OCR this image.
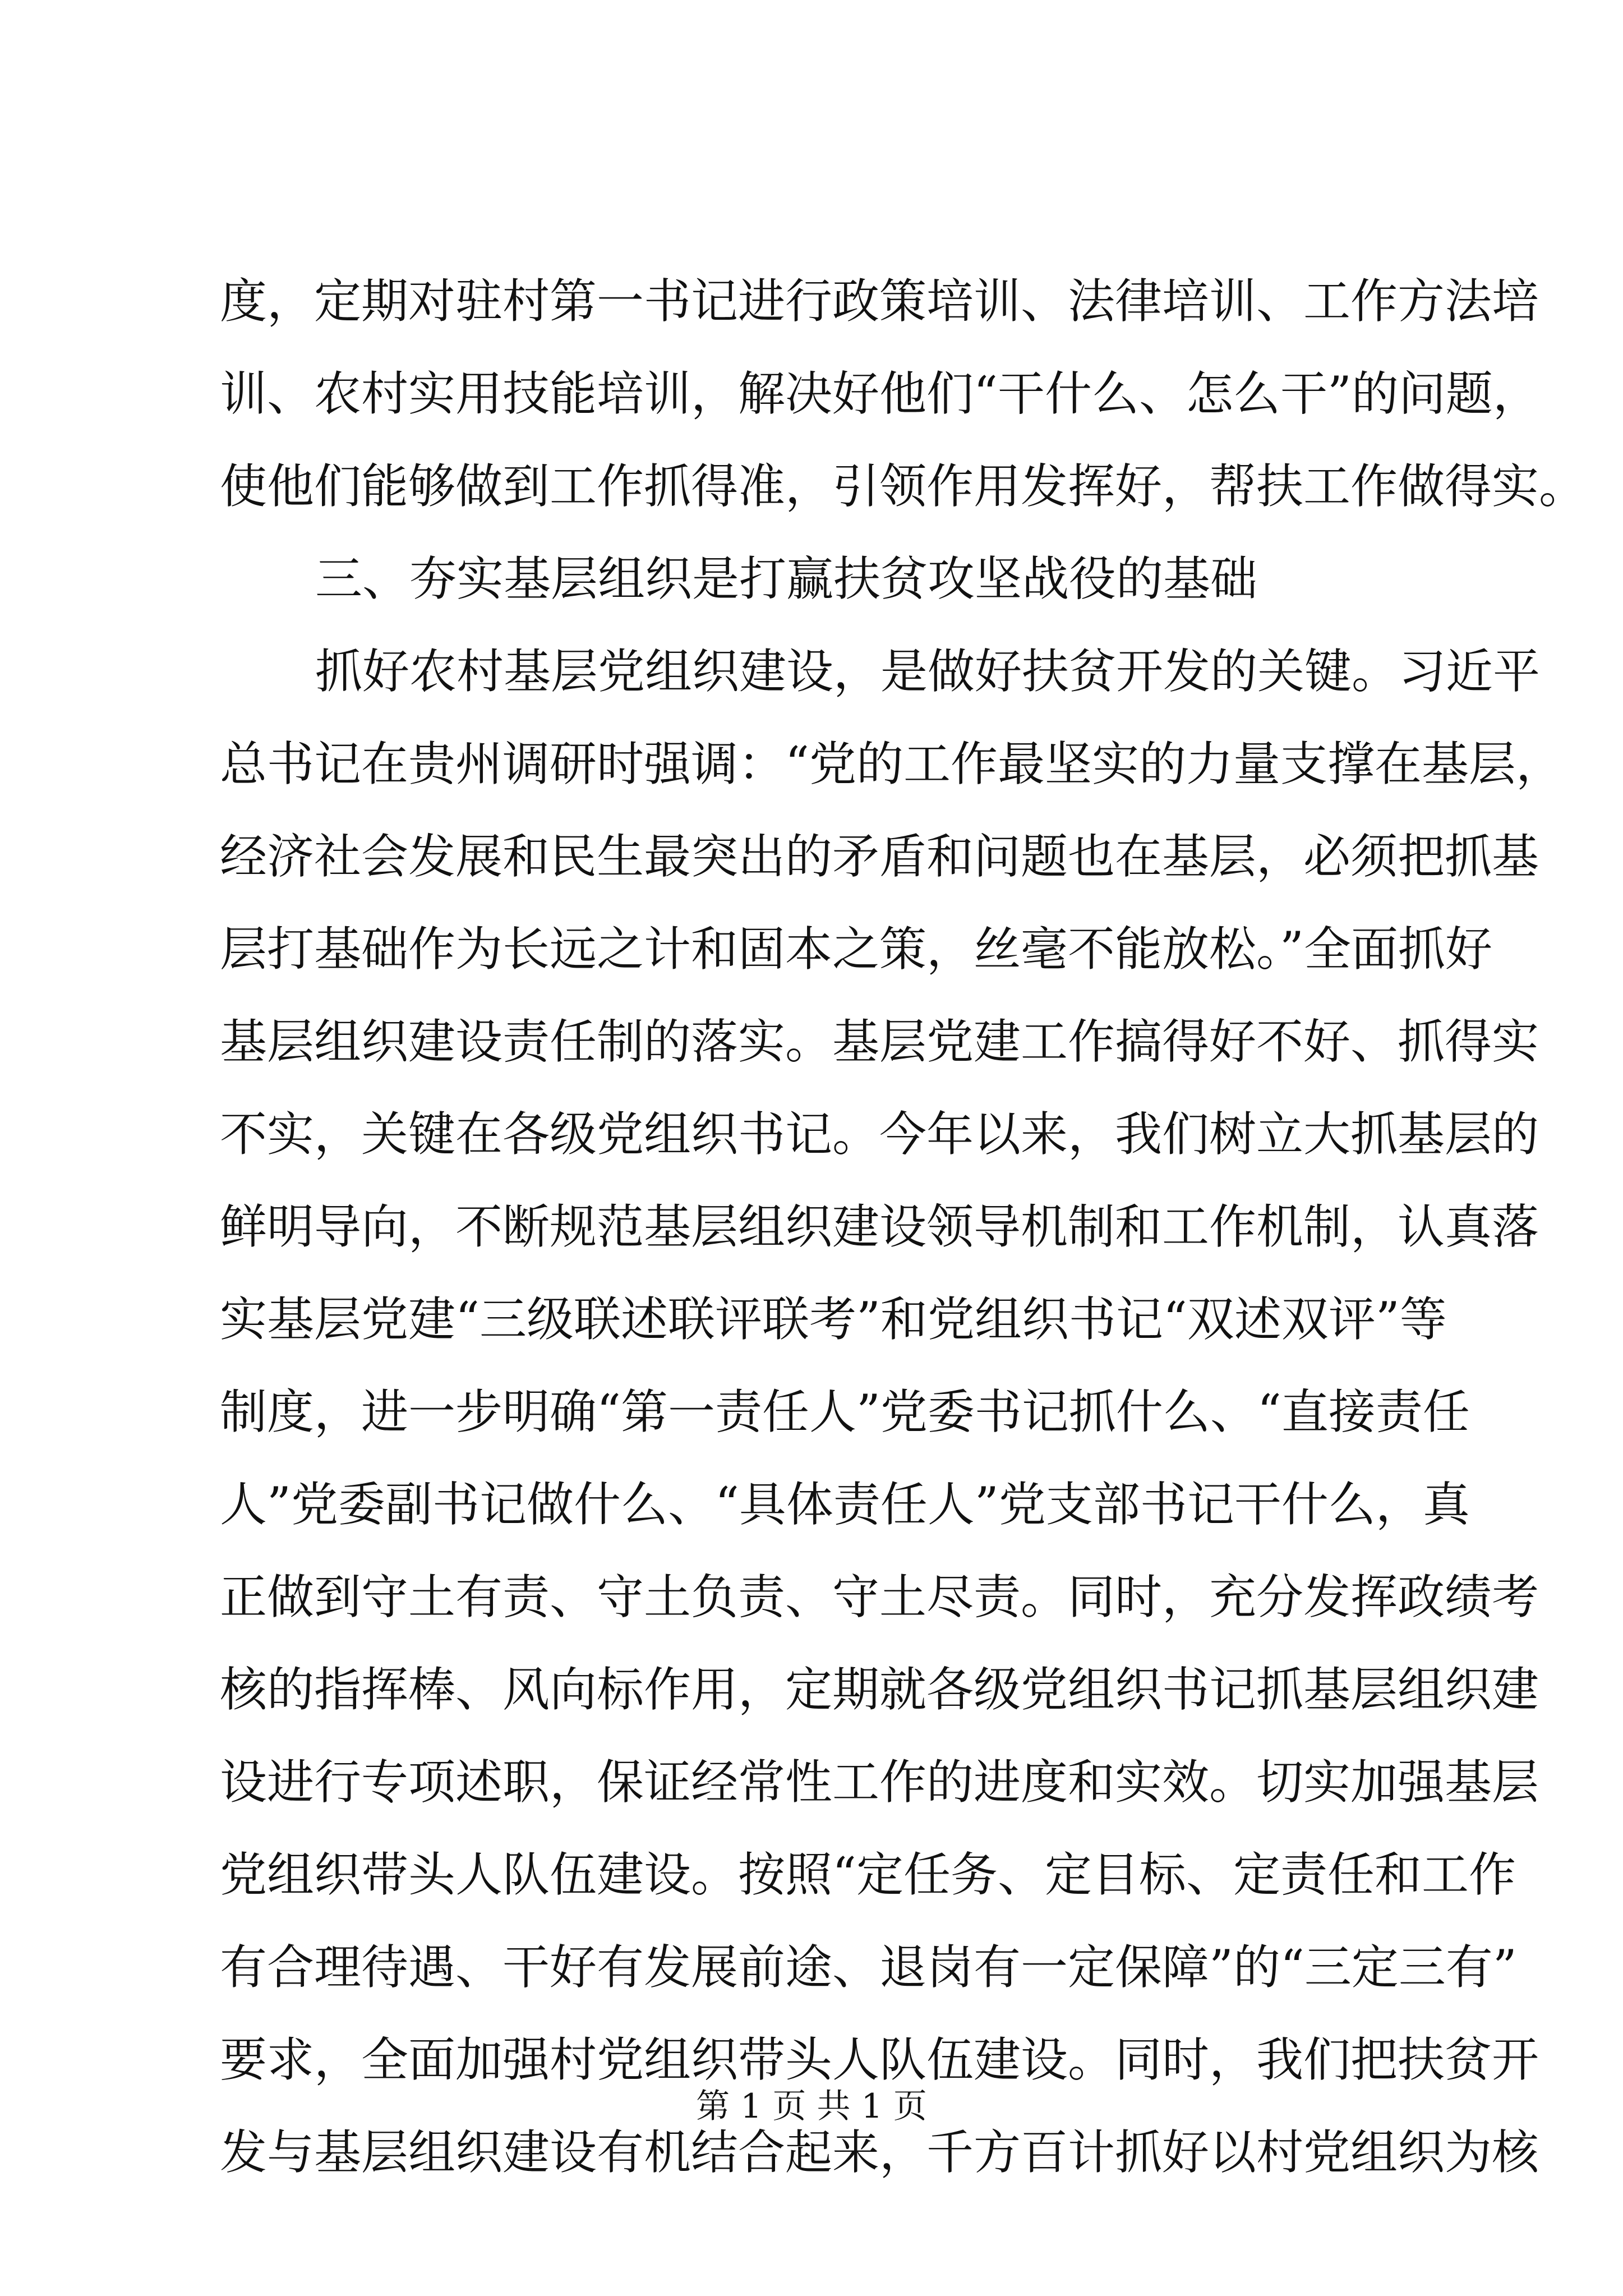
度，定期对驻村第一书记进行政策培训、法律培训、工作方法培
训、农村实用技能培训，解决好他们“干什么、怎么干”的问题，
使他们能够做到工作抓得准，引领作用发挥好，帮扶工作做得实。
三、夯实基层组织是打赢扶贫攻坚战役的基础
抓好农村基层党组织建设，是做好扶贫开发的关键。习近平
总书记在贵州调研时强调：“党的工作最坚实的力量支撑在基层，
经济社会发展和民生最突出的矛盾和问题也在基层，必须把抓基
层打基础作为长远之计和固本之策，丝毫不能放松。”全面抓好
基层组织建设责任制的落实。基层党建工作搞得好不好、抓得实
不实，关键在各级党组织书记。今年以来，我们树立大抓基层的
鲜明导向，不断规范基层组织建设领导机制和工作机制，认真落
实基层党建“三级联述联评联考”和党组织书记“双述双评”等
制度，进一步明确“第一责任人”党委书记抓什么、“直接责任
人”党委副书记做什么、“具体责任人”党支部书记干什么，真
正做到守土有责、守土负责、守土尽责。同时，充分发挥政绩考
核的指挥棒、风向标作用，定期就各级党组织书记抓基层组织建
设进行专项述职，保证经常性工作的进度和实效。切实加强基层
党组织带头人队伍建设。按照“定任务、定目标、定责任和工作
有合理待遇、干好有发展前途、退岗有一定保障”的“三定三有”
要求，全面加强村党组织带头人队伍建设。同时，我们把扶贫开
发与基层组织建设有机结合起来，千方百计抓好以村党组织为核
第 1 页 共 1 页
